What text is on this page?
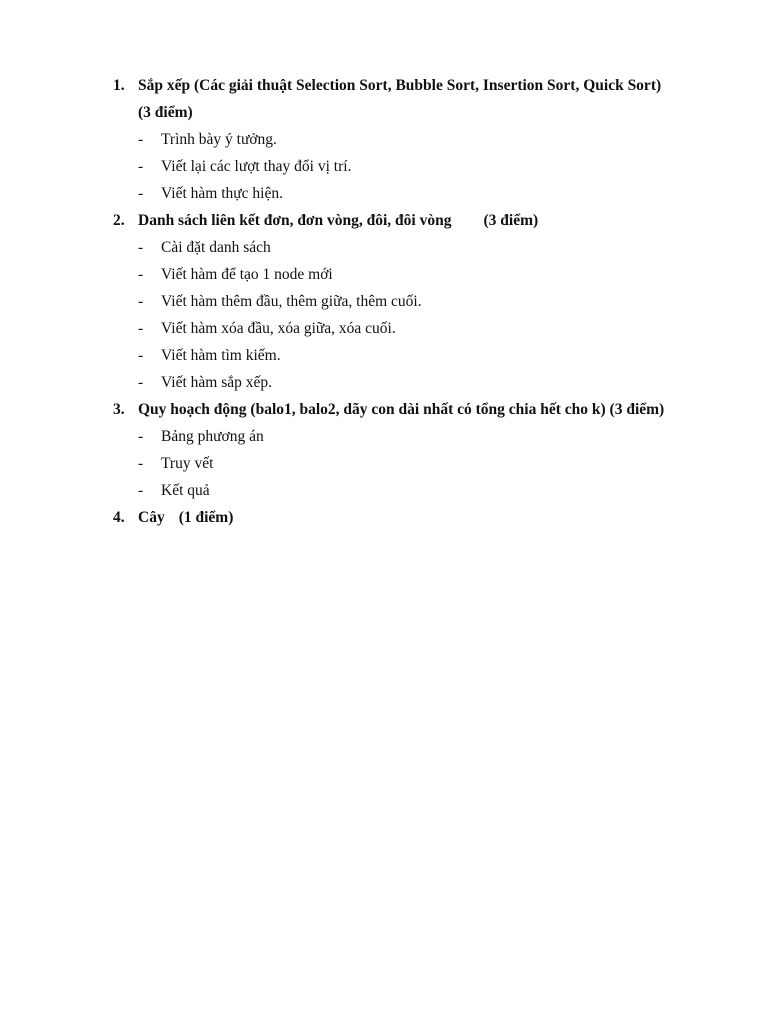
1. Sắp xếp (Các giải thuật Selection Sort, Bubble Sort, Insertion Sort, Quick Sort)
(3 điểm)
-	Trình bày ý tưởng.
-	Viết lại các lượt thay đổi vị trí.
-	Viết hàm thực hiện.
2. Danh sách liên kết đơn, đơn vòng, đôi, đôi vòng (3 điểm)
-	Cài đặt danh sách
-	Viết hàm để tạo 1 node mới
-	Viết hàm thêm đầu, thêm giữa, thêm cuối.
-	Viết hàm xóa đầu, xóa giữa, xóa cuối.
-	Viết hàm tìm kiếm.
-	Viết hàm sắp xếp.
3. Quy hoạch động (balo1, balo2, dãy con dài nhất có tổng chia hết cho k) (3 điểm)
-	Bảng phương án
-	Truy vết
-	Kết quả
4. Cây (1 điểm)
